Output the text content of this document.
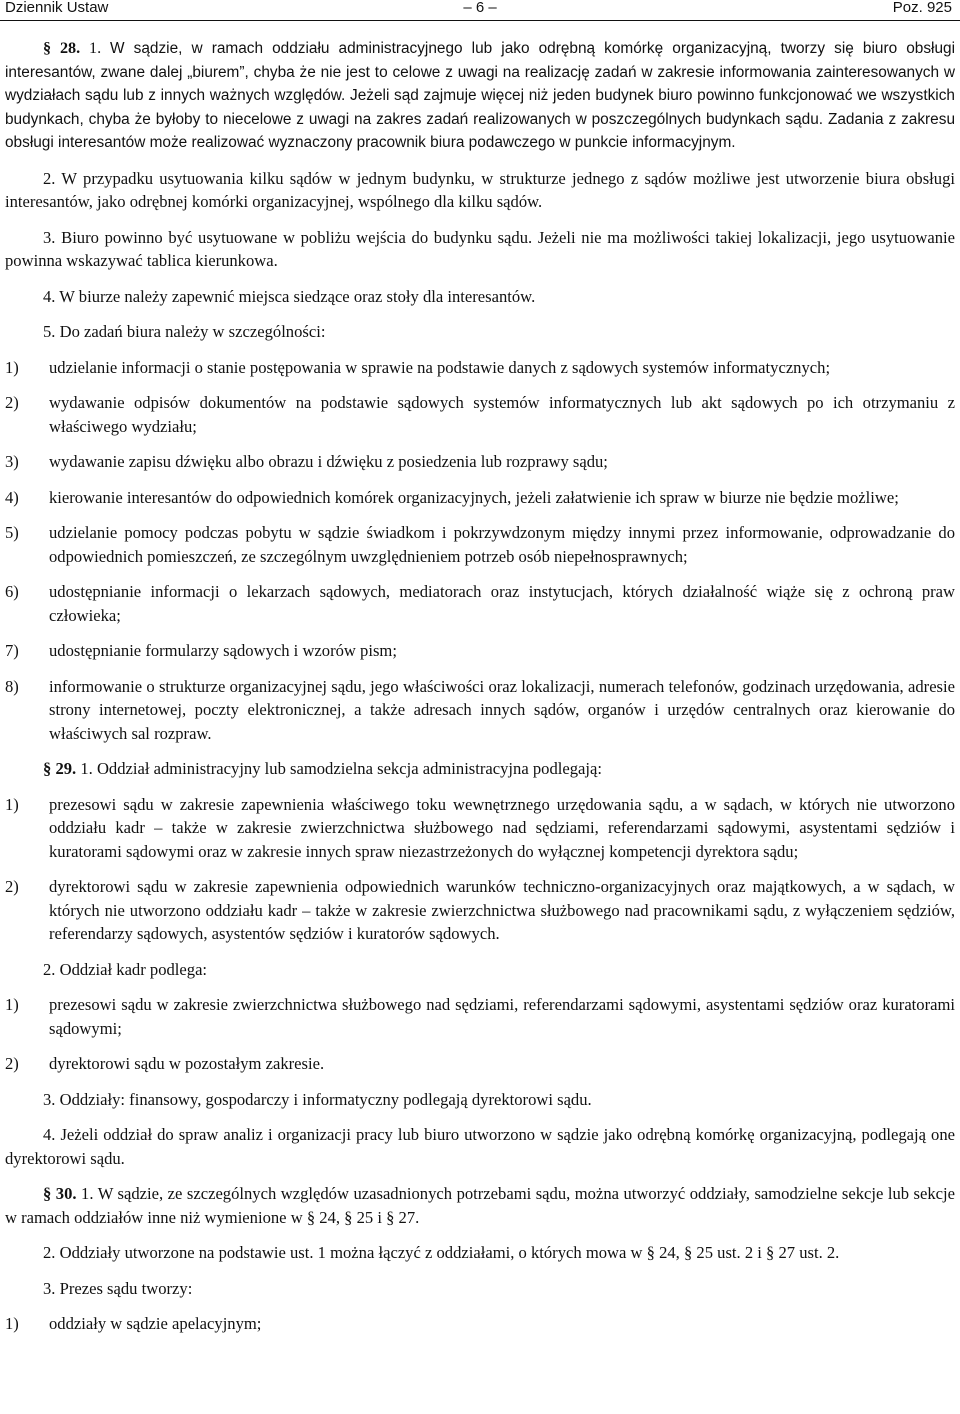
Dziennik Ustaw	– 6 –	Poz. 925

§ 28. 1. W sądzie, w ramach oddziału administracyjnego lub jako odrębną komórkę organizacyjną, tworzy się biuro obsługi interesantów, zwane dalej „biurem”, chyba że nie jest to celowe z uwagi na realizację zadań w zakresie informowania zainteresowanych w wydziałach sądu lub z innych ważnych względów. Jeżeli sąd zajmuje więcej niż jeden budynek biuro powinno funkcjonować we wszystkich budynkach, chyba że byłoby to niecelowe z uwagi na zakres zadań realizowanych w poszczególnych budynkach sądu. Zadania z zakresu obsługi interesantów może realizować wyznaczony pracownik biura podawczego w punkcie informacyjnym.

2. W przypadku usytuowania kilku sądów w jednym budynku, w strukturze jednego z sądów możliwe jest utworzenie biura obsługi interesantów, jako odrębnej komórki organizacyjnej, wspólnego dla kilku sądów.

3. Biuro powinno być usytuowane w pobliżu wejścia do budynku sądu. Jeżeli nie ma możliwości takiej lokalizacji, jego usytuowanie powinna wskazywać tablica kierunkowa.

4. W biurze należy zapewnić miejsca siedzące oraz stoły dla interesantów.

5. Do zadań biura należy w szczególności:

1) udzielanie informacji o stanie postępowania w sprawie na podstawie danych z sądowych systemów informatycznych;
2) wydawanie odpisów dokumentów na podstawie sądowych systemów informatycznych lub akt sądowych po ich otrzymaniu z właściwego wydziału;
3) wydawanie zapisu dźwięku albo obrazu i dźwięku z posiedzenia lub rozprawy sądu;
4) kierowanie interesantów do odpowiednich komórek organizacyjnych, jeżeli załatwienie ich spraw w biurze nie będzie możliwe;
5) udzielanie pomocy podczas pobytu w sądzie świadkom i pokrzywdzonym między innymi przez informowanie, odprowadzanie do odpowiednich pomieszczeń, ze szczególnym uwzględnieniem potrzeb osób niepełnosprawnych;
6) udostępnianie informacji o lekarzach sądowych, mediatorach oraz instytucjach, których działalność wiąże się z ochroną praw człowieka;
7) udostępnianie formularzy sądowych i wzorów pism;
8) informowanie o strukturze organizacyjnej sądu, jego właściwości oraz lokalizacji, numerach telefonów, godzinach urzędowania, adresie strony internetowej, poczty elektronicznej, a także adresach innych sądów, organów i urzędów centralnych oraz kierowanie do właściwych sal rozpraw.

§ 29. 1. Oddział administracyjny lub samodzielna sekcja administracyjna podlegają:

1) prezesowi sądu w zakresie zapewnienia właściwego toku wewnętrznego urzędowania sądu, a w sądach, w których nie utworzono oddziału kadr – także w zakresie zwierzchnictwa służbowego nad sędziami, referendarzami sądowymi, asystentami sędziów i kuratorami sądowymi oraz w zakresie innych spraw niezastrzeżonych do wyłącznej kompetencji dyrektora sądu;
2) dyrektorowi sądu w zakresie zapewnienia odpowiednich warunków techniczno-organizacyjnych oraz majątkowych, a w sądach, w których nie utworzono oddziału kadr – także w zakresie zwierzchnictwa służbowego nad pracownikami sądu, z wyłączeniem sędziów, referendarzy sądowych, asystentów sędziów i kuratorów sądowych.

2. Oddział kadr podlega:

1) prezesowi sądu w zakresie zwierzchnictwa służbowego nad sędziami, referendarzami sądowymi, asystentami sędziów oraz kuratorami sądowymi;
2) dyrektorowi sądu w pozostałym zakresie.

3. Oddziały: finansowy, gospodarczy i informatyczny podlegają dyrektorowi sądu.

4. Jeżeli oddział do spraw analiz i organizacji pracy lub biuro utworzono w sądzie jako odrębną komórkę organizacyjną, podlegają one dyrektorowi sądu.

§ 30. 1. W sądzie, ze szczególnych względów uzasadnionych potrzebami sądu, można utworzyć oddziały, samodzielne sekcje lub sekcje w ramach oddziałów inne niż wymienione w § 24, § 25 i § 27.

2. Oddziały utworzone na podstawie ust. 1 można łączyć z oddziałami, o których mowa w § 24, § 25 ust. 2 i § 27 ust. 2.

3. Prezes sądu tworzy:

1) oddziały w sądzie apelacyjnym;
